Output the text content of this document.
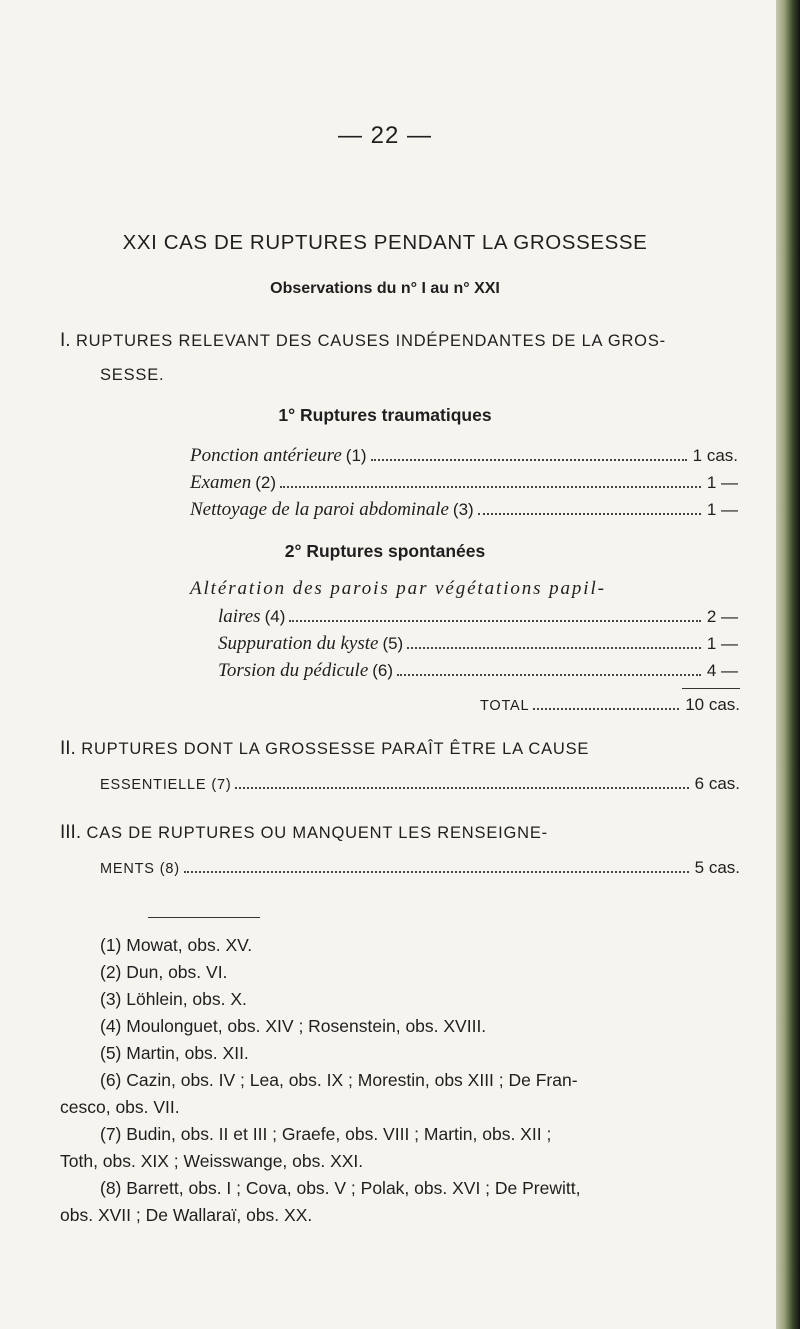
— 22 —
XXI CAS DE RUPTURES PENDANT LA GROSSESSE
Observations du n° I au n° XXI
I. RUPTURES RELEVANT DES CAUSES INDÉPENDANTES DE LA GROS-
SESSE.
1° Ruptures traumatiques
Ponction antérieure (1)	1 cas.
Examen (2)	1 —
Nettoyage de la paroi abdominale (3)	1 —
2° Ruptures spontanées
Altération des parois par végétations papil-
laires (4)	2 —
Suppuration du kyste (5)	1 —
Torsion du pédicule (6)	4 —
TOTAL	10 cas.
II. RUPTURES DONT LA GROSSESSE PARAÎT ÊTRE LA CAUSE
ESSENTIELLE (7)	6 cas.
III. CAS DE RUPTURES OU MANQUENT LES RENSEIGNE-
MENTS (8)	5 cas.
(1) Mowat, obs. XV.
(2) Dun, obs. VI.
(3) Löhlein, obs. X.
(4) Moulonguet, obs. XIV ; Rosenstein, obs. XVIII.
(5) Martin, obs. XII.
(6) Cazin, obs. IV ; Lea, obs. IX ; Morestin, obs XIII ; De Fran-
cesco, obs. VII.
(7) Budin, obs. II et III ; Graefe, obs. VIII ; Martin, obs. XII ;
Toth, obs. XIX ; Weisswange, obs. XXI.
(8) Barrett, obs. I ; Cova, obs. V ; Polak, obs. XVI ; De Prewitt,
obs. XVII ; De Wallaraï, obs. XX.
